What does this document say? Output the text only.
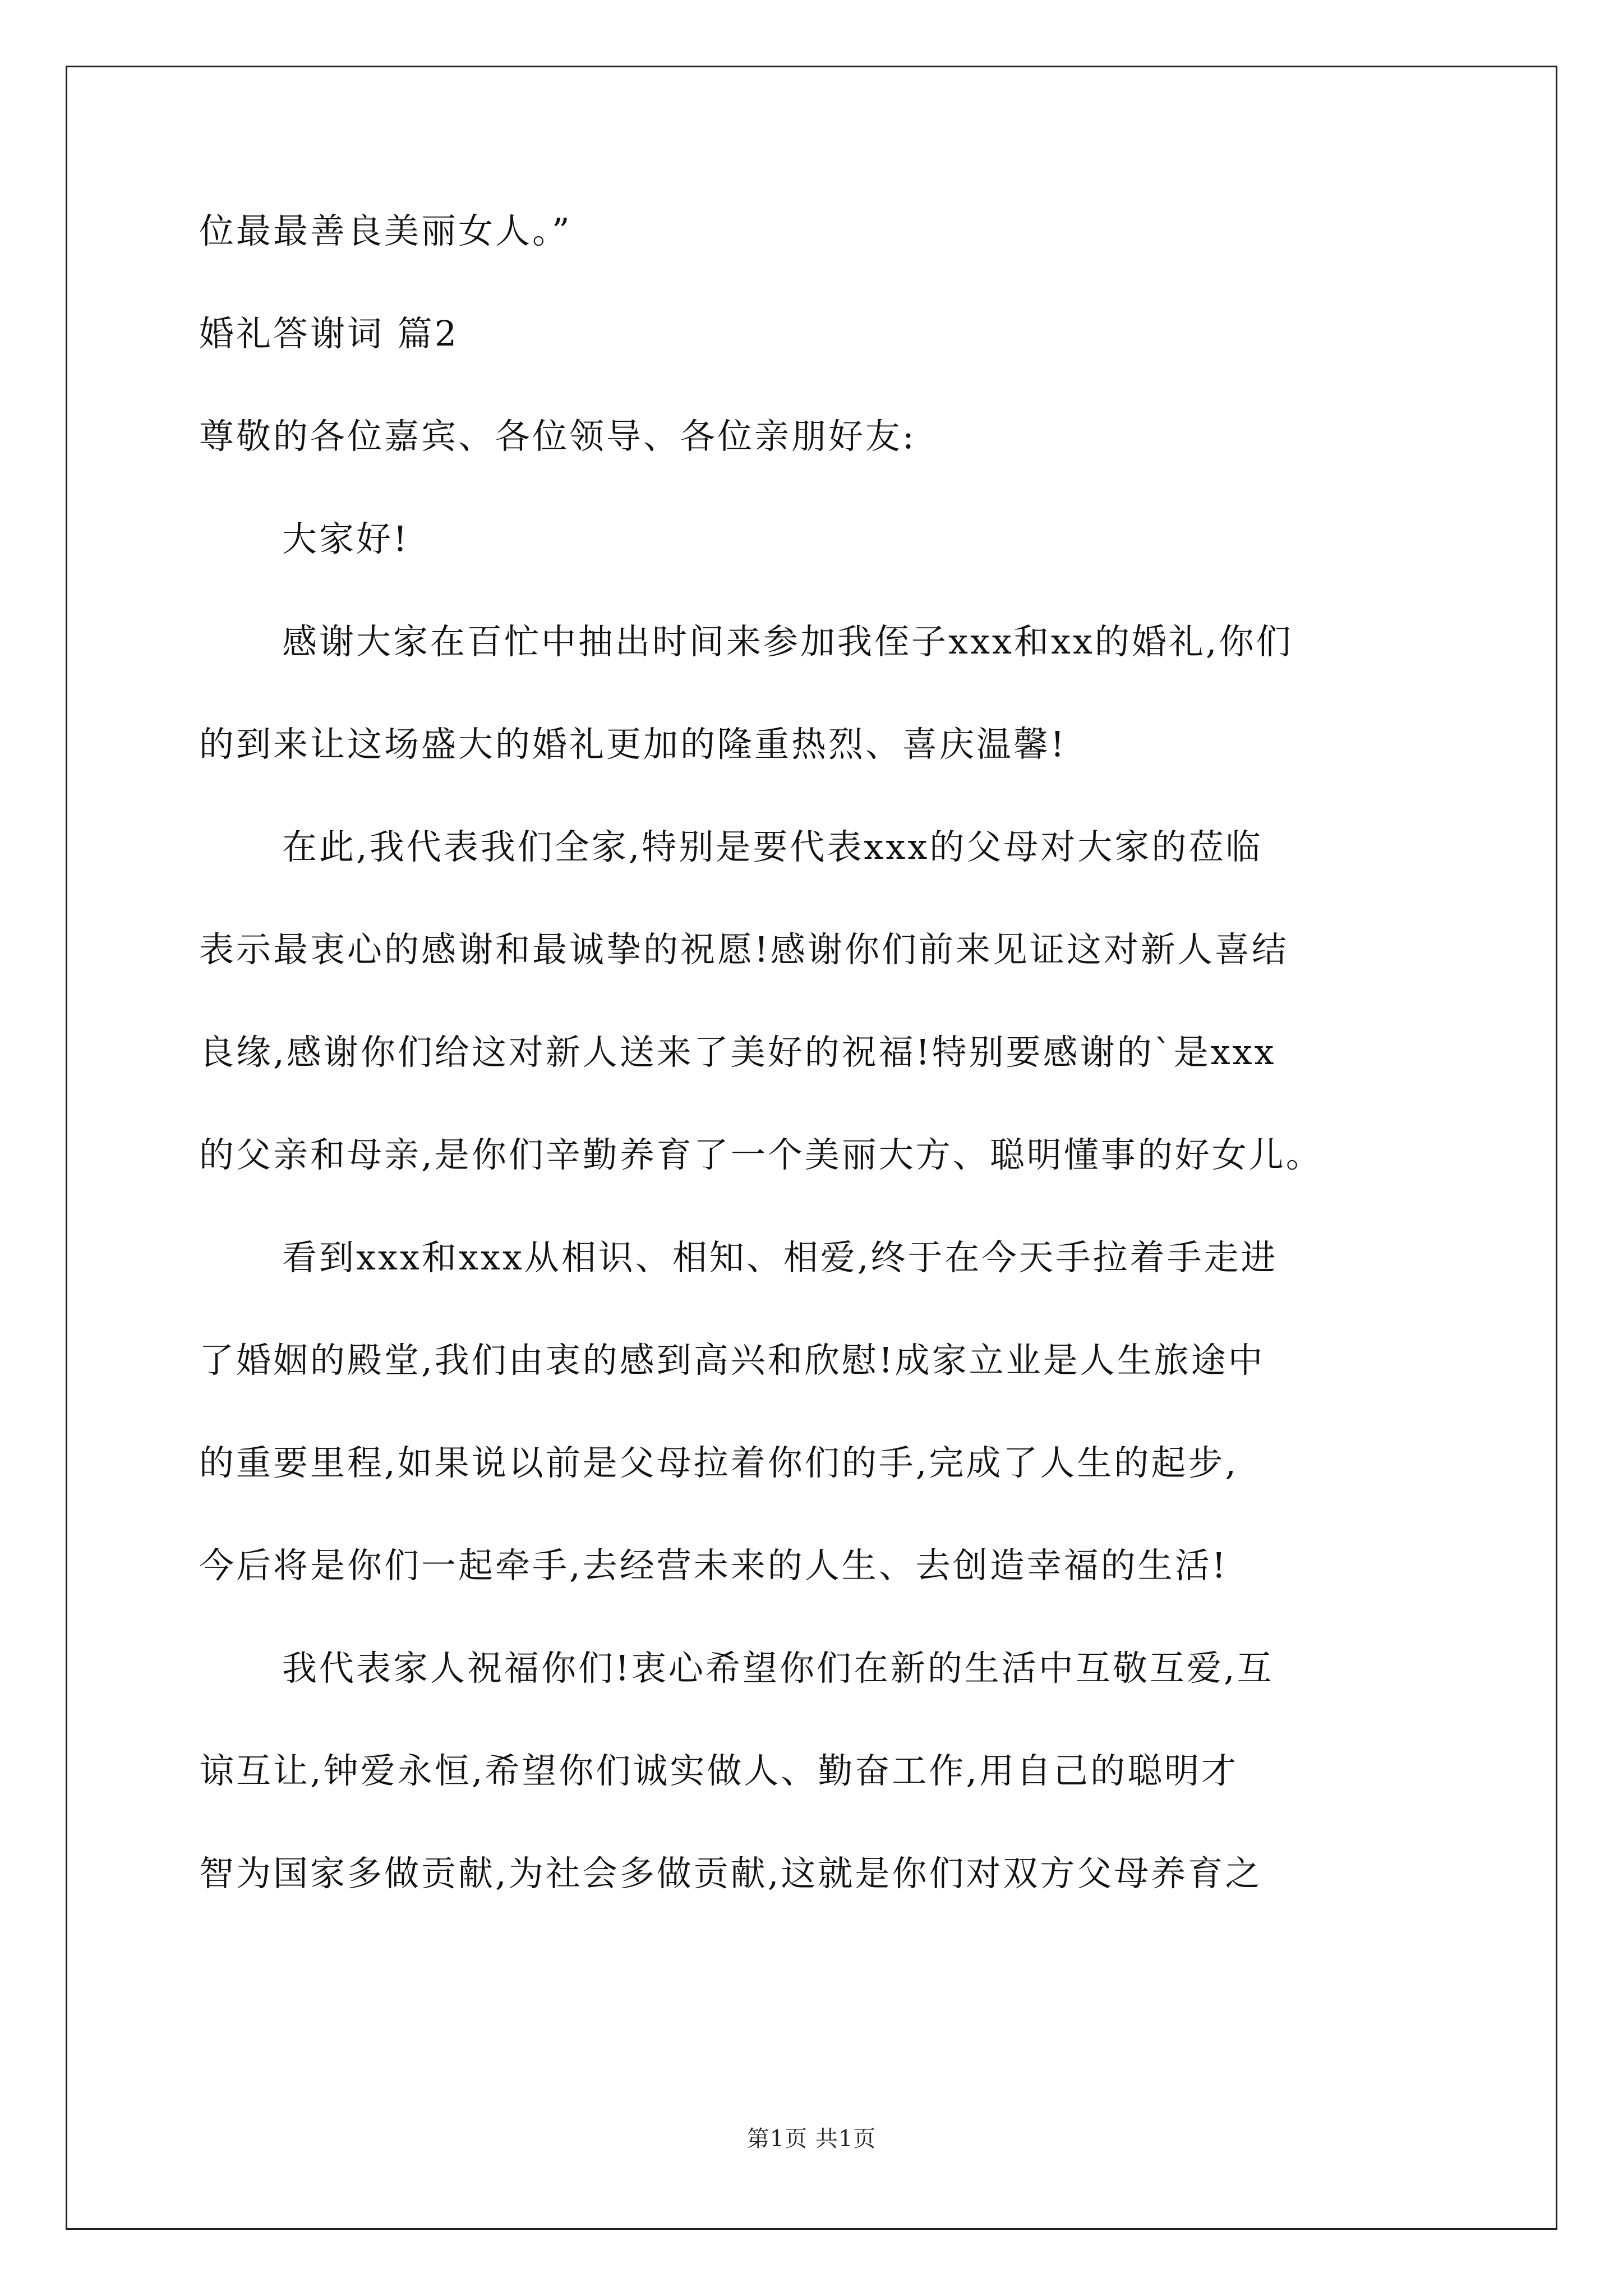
位最最善良美丽女人。”
婚礼答谢词 篇2
尊敬的各位嘉宾、各位领导、各位亲朋好友:
大家好!
感谢大家在百忙中抽出时间来参加我侄子xxx和xx的婚礼,你们
的到来让这场盛大的婚礼更加的隆重热烈、喜庆温馨!
在此,我代表我们全家,特别是要代表xxx的父母对大家的莅临
表示最衷心的感谢和最诚挚的祝愿!感谢你们前来见证这对新人喜结
良缘,感谢你们给这对新人送来了美好的祝福!特别要感谢的`是xxx
的父亲和母亲,是你们辛勤养育了一个美丽大方、聪明懂事的好女儿。
看到xxx和xxx从相识、相知、相爱,终于在今天手拉着手走进
了婚姻的殿堂,我们由衷的感到高兴和欣慰!成家立业是人生旅途中
的重要里程,如果说以前是父母拉着你们的手,完成了人生的起步,
今后将是你们一起牵手,去经营未来的人生、去创造幸福的生活!
我代表家人祝福你们!衷心希望你们在新的生活中互敬互爱,互
谅互让,钟爱永恒,希望你们诚实做人、勤奋工作,用自己的聪明才
智为国家多做贡献,为社会多做贡献,这就是你们对双方父母养育之
第1页 共1页
